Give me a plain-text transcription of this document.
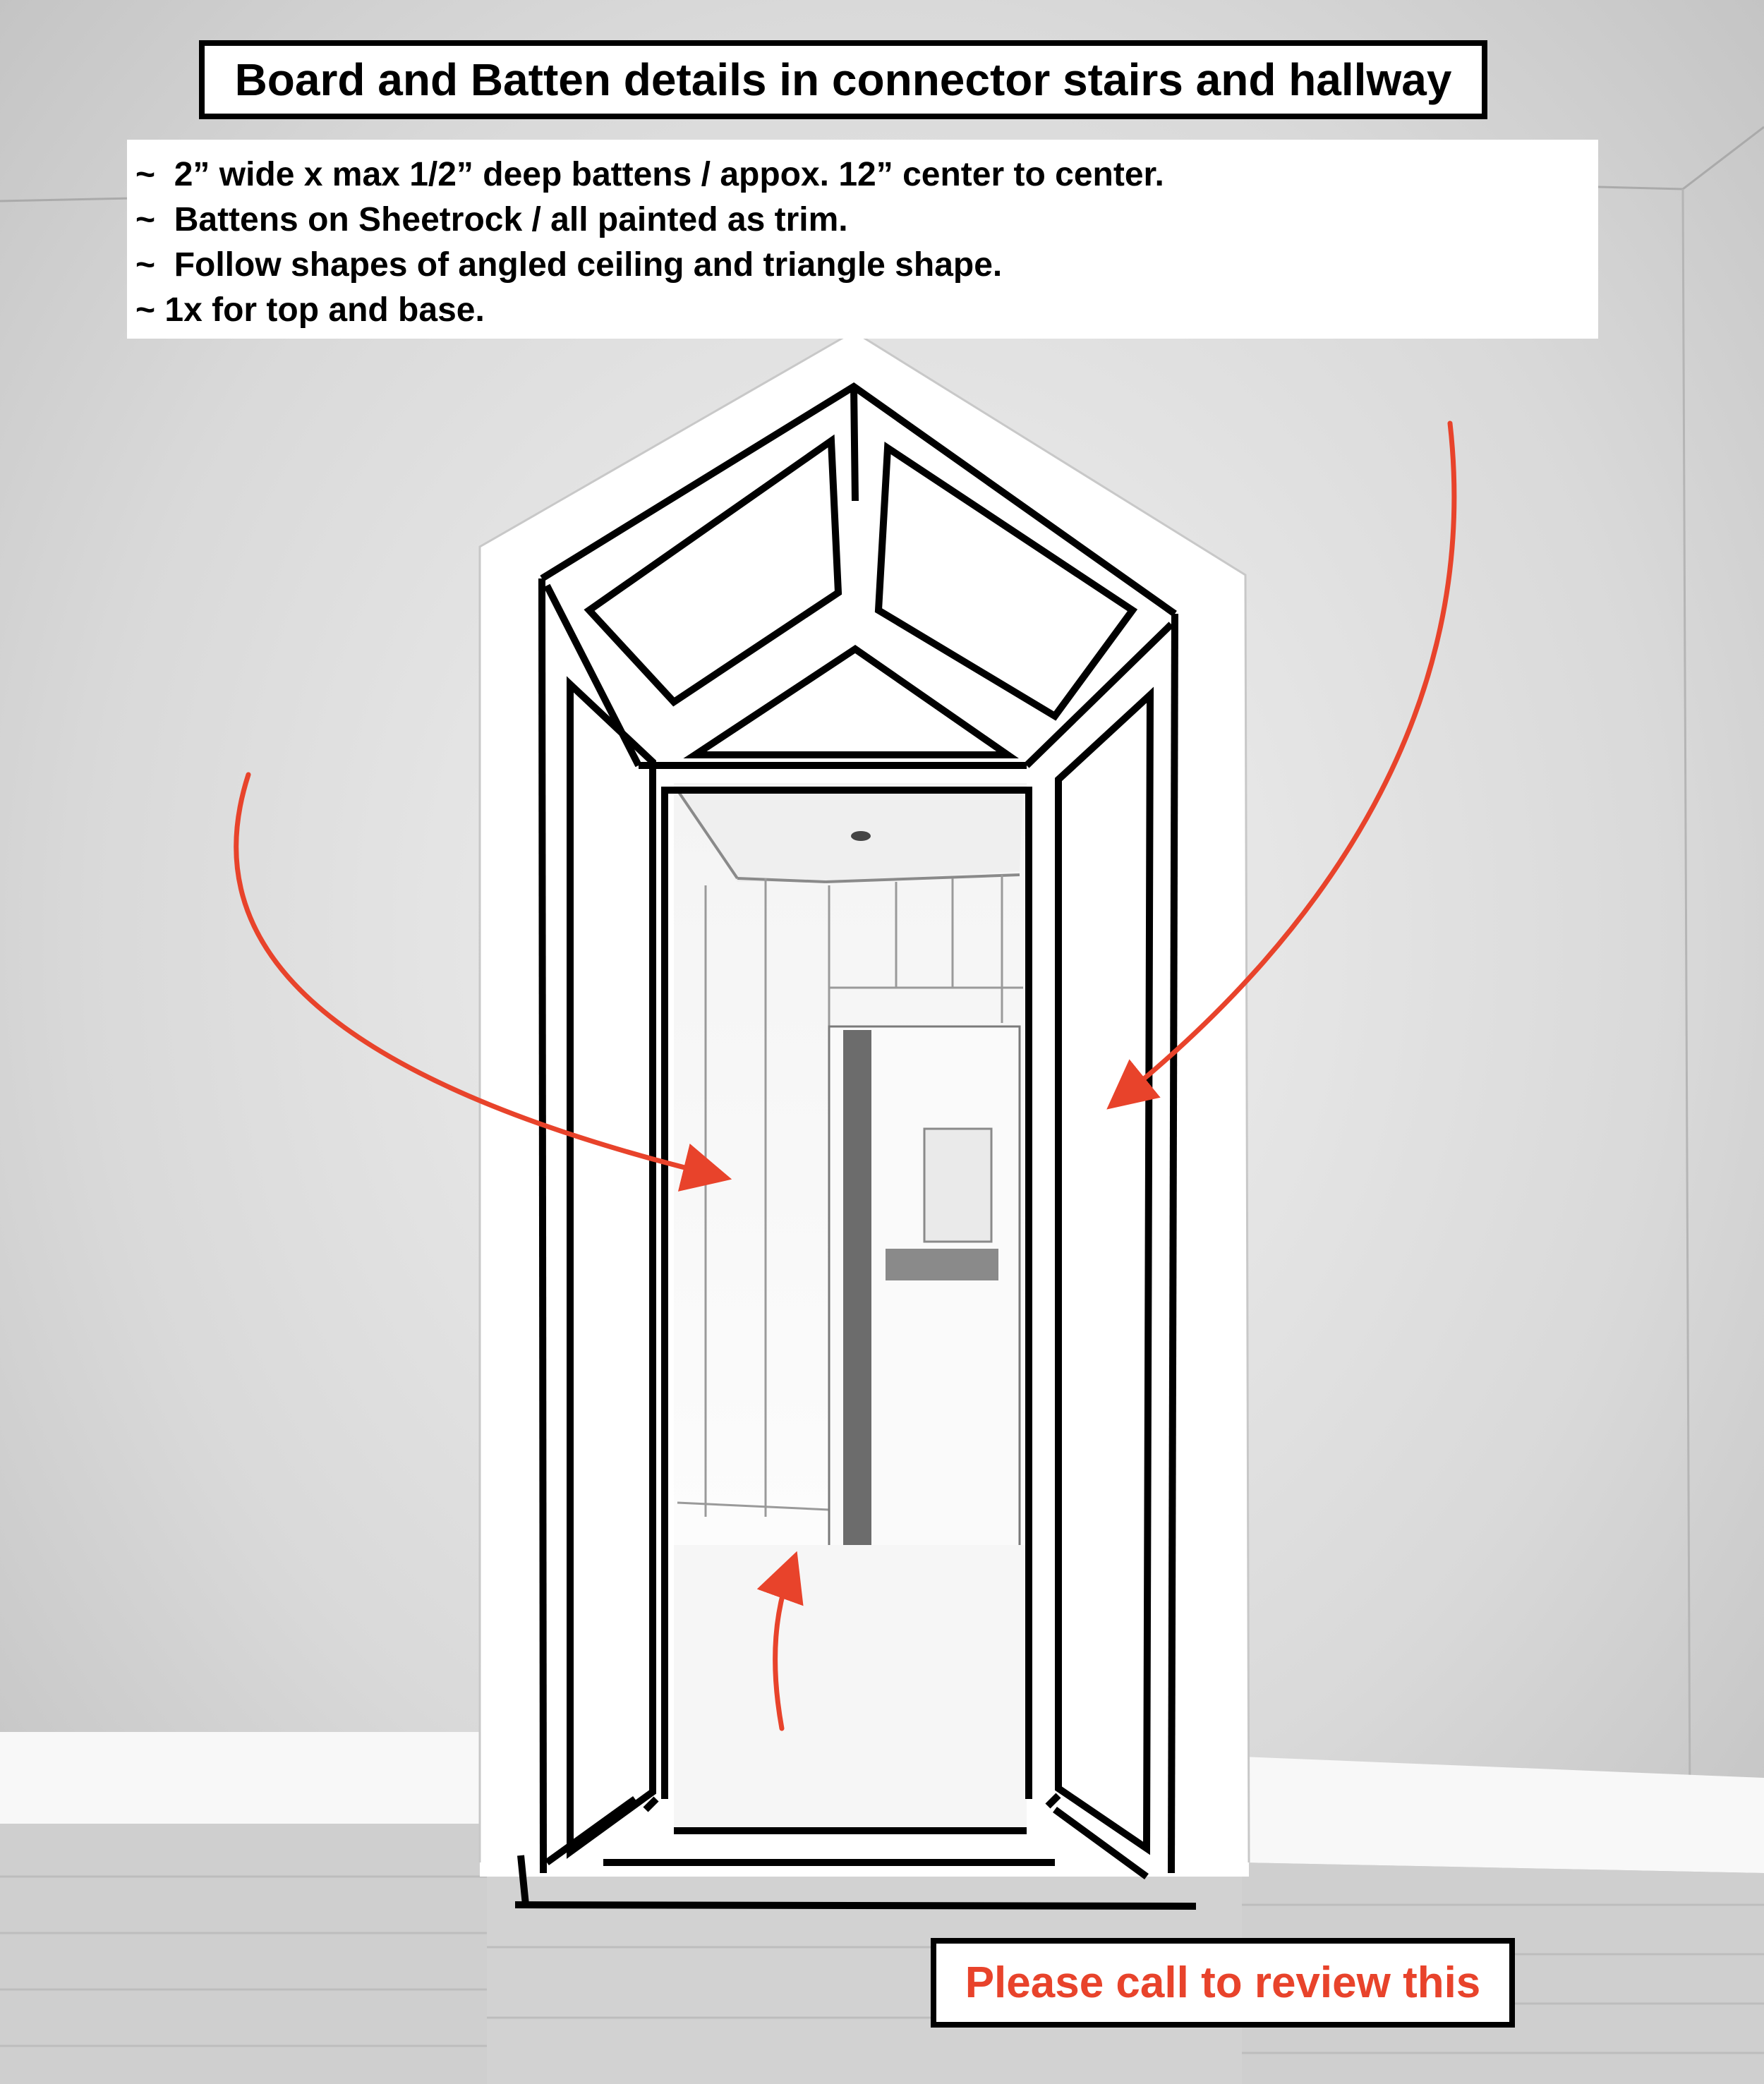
Board and Batten details in connector stairs and hallway

~  2” wide x max 1/2” deep battens / appox. 12” center to center.

~  Battens on Sheetrock / all painted as trim.

~  Follow shapes of angled ceiling and triangle shape.

~ 1x for top and base.

Please call to review this
